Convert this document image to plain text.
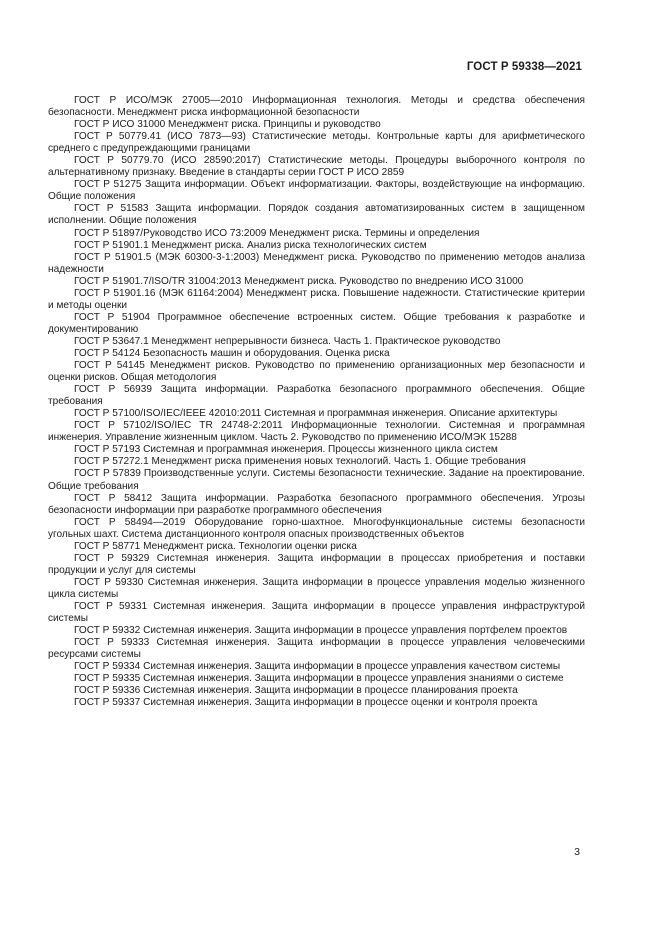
ГОСТ Р 59338—2021

ГОСТ Р ИСО/МЭК 27005—2010 Информационная технология. Методы и средства обеспечения безопасности. Менеджмент риска информационной безопасности

ГОСТ Р ИСО 31000 Менеджмент риска. Принципы и руководство

ГОСТ Р 50779.41 (ИСО 7873—93) Статистические методы. Контрольные карты для арифметического среднего с предупреждающими границами

ГОСТ Р 50779.70 (ИСО 28590:2017) Статистические методы. Процедуры выборочного контроля по альтернативному признаку. Введение в стандарты серии ГОСТ Р ИСО 2859

ГОСТ Р 51275 Защита информации. Объект информатизации. Факторы, воздействующие на информацию. Общие положения

ГОСТ Р 51583 Защита информации. Порядок создания автоматизированных систем в защищенном исполнении. Общие положения

ГОСТ Р 51897/Руководство ИСО 73:2009 Менеджмент риска. Термины и определения

ГОСТ Р 51901.1 Менеджмент риска. Анализ риска технологических систем

ГОСТ Р 51901.5 (МЭК 60300-3-1:2003) Менеджмент риска. Руководство по применению методов анализа надежности

ГОСТ Р 51901.7/ISO/TR 31004:2013 Менеджмент риска. Руководство по внедрению ИСО 31000

ГОСТ Р 51901.16 (МЭК 61164:2004) Менеджмент риска. Повышение надежности. Статистические критерии и методы оценки

ГОСТ Р 51904 Программное обеспечение встроенных систем. Общие требования к разработке и документированию

ГОСТ Р 53647.1 Менеджмент непрерывности бизнеса. Часть 1. Практическое руководство

ГОСТ Р 54124 Безопасность машин и оборудования. Оценка риска

ГОСТ Р 54145 Менеджмент рисков. Руководство по применению организационных мер безопасности и оценки рисков. Общая методология

ГОСТ Р 56939 Защита информации. Разработка безопасного программного обеспечения. Общие требования

ГОСТ Р 57100/ISO/IEC/IEEE 42010:2011 Системная и программная инженерия. Описание архитектуры

ГОСТ Р 57102/ISO/IEC TR 24748-2:2011 Информационные технологии. Системная и программная инженерия. Управление жизненным циклом. Часть 2. Руководство по применению ИСО/МЭК 15288

ГОСТ Р 57193 Системная и программная инженерия. Процессы жизненного цикла систем

ГОСТ Р 57272.1 Менеджмент риска применения новых технологий. Часть 1. Общие требования

ГОСТ Р 57839 Производственные услуги. Системы безопасности технические. Задание на проектирование. Общие требования

ГОСТ Р 58412 Защита информации. Разработка безопасного программного обеспечения. Угрозы безопасности информации при разработке программного обеспечения

ГОСТ Р 58494—2019 Оборудование горно-шахтное. Многофункциональные системы безопасности угольных шахт. Система дистанционного контроля опасных производственных объектов

ГОСТ Р 58771 Менеджмент риска. Технологии оценки риска

ГОСТ Р 59329 Системная инженерия. Защита информации в процессах приобретения и поставки продукции и услуг для системы

ГОСТ Р 59330 Системная инженерия. Защита информации в процессе управления моделью жизненного цикла системы

ГОСТ Р 59331 Системная инженерия. Защита информации в процессе управления инфраструктурой системы

ГОСТ Р 59332 Системная инженерия. Защита информации в процессе управления портфелем проектов

ГОСТ Р 59333 Системная инженерия. Защита информации в процессе управления человеческими ресурсами системы

ГОСТ Р 59334 Системная инженерия. Защита информации в процессе управления качеством системы

ГОСТ Р 59335 Системная инженерия. Защита информации в процессе управления знаниями о системе

ГОСТ Р 59336 Системная инженерия. Защита информации в процессе планирования проекта

ГОСТ Р 59337 Системная инженерия. Защита информации в процессе оценки и контроля проекта

3
